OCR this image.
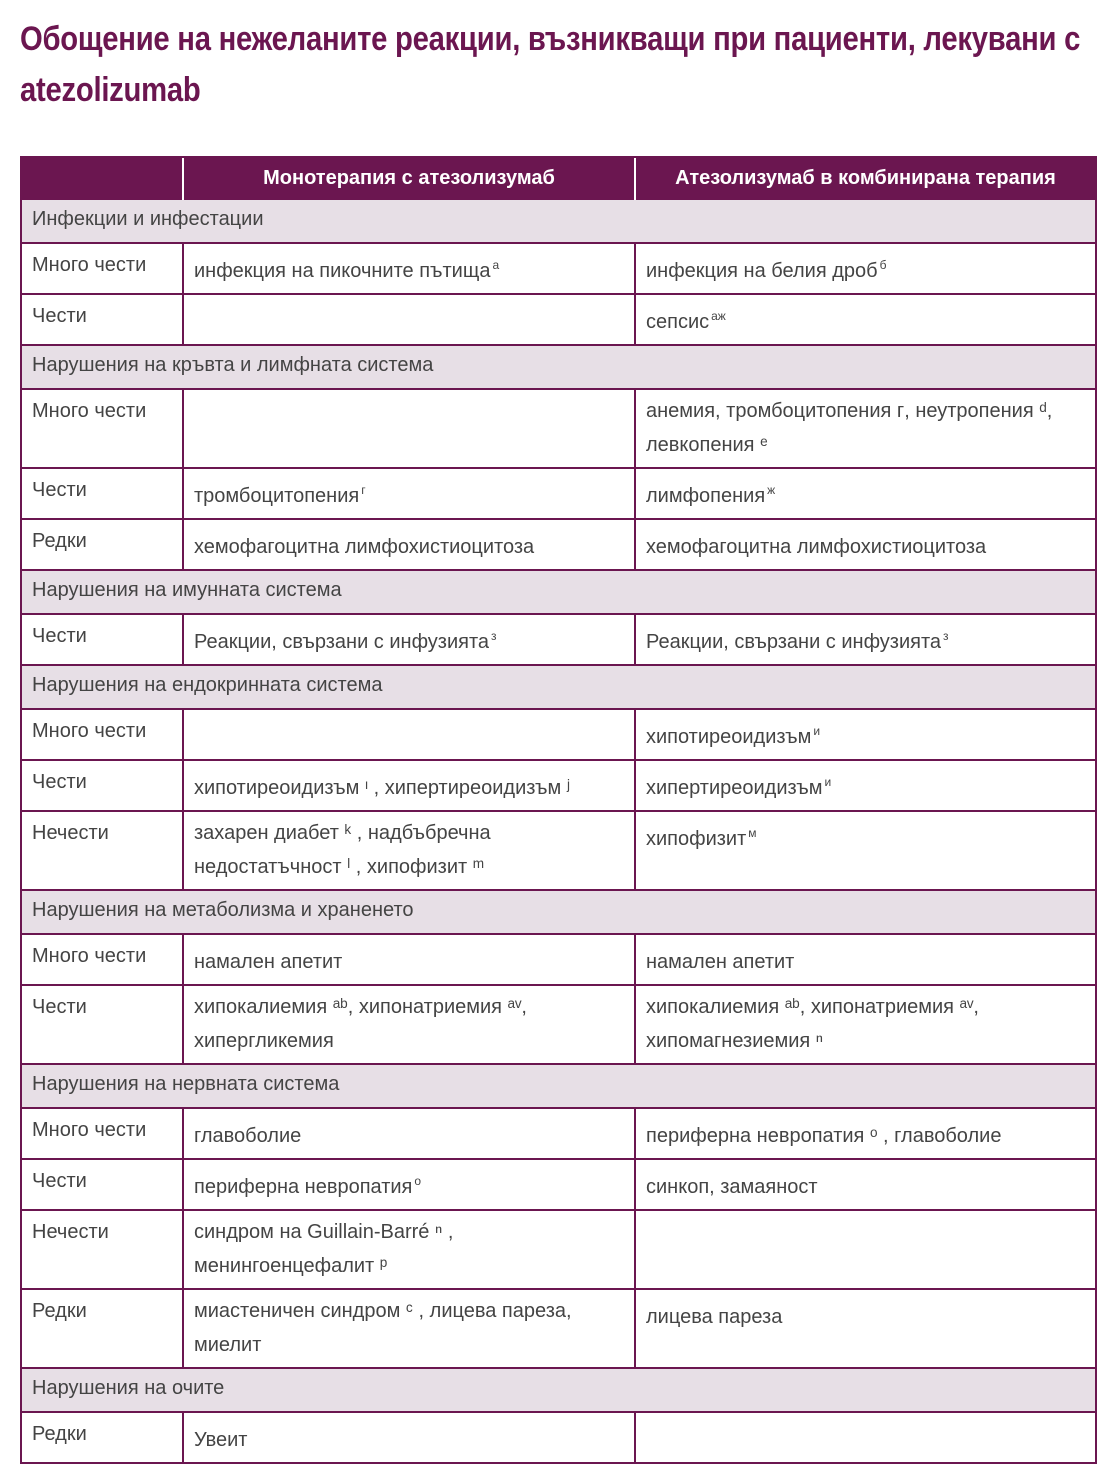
Обощение на нежеланите реакции, възникващи при пациенти, лекувани с atezolizumab
	Монотерапия с атезолизумаб	Атезолизумаб в комбинирана терапия
Инфекции и инфестации		
Много чести	инфекция на пикочните пътища $^а$	инфекция на белия дроб $^б$
Чести		сепсис $^{аж}$
Нарушения на кръвта и лимфната система		
Много чести		анемия, тромбоцитопения ᴦ, неутропения ᵈ, левкопения ᵉ
Чести	тромбоцитопения $^г$	лимфопения $^ж$
Редки	хемофагоцитна лимфохистиоцитоза	хемофагоцитна лимфохистиоцитоза
Нарушения на имунната система		
Чести	Реакции, свързани с инфузията $^з$	Реакции, свързани с инфузията $^з$
Нарушения на ендокринната система		
Много чести		хипотиреоидизъм $^и$
Чести	хипотиреоидизъм ᶦ , хипертиреоидизъм ʲ	хипертиреоидизъм $^и$
Нечести	захарен диабет ᵏ , надбъбречна недостатъчност ˡ , хипофизит ᵐ	хипофизит $^м$
Нарушения на метаболизма и храненето		
Много чести	намален апетит	намален апетит
Чести	хипокалиемия ᵃᵇ, хипонатриемия ᵃᵛ, хипергликемия	хипокалиемия ᵃᵇ, хипонатриемия ᵃᵛ, хипомагнезиемия ⁿ
Нарушения на нервната система		
Много чести	главоболие	периферна невропатия ᵒ , главоболие
Чести	периферна невропатия $^о$	синкоп, замаяност
Нечести	синдром на Guillain-Barré ⁿ , менингоенцефалит ᵖ	
Редки	миастеничен синдром ᶜ , лицева пареза, миелит	лицева пареза
Нарушения на очите		
Редки	Увеит	
